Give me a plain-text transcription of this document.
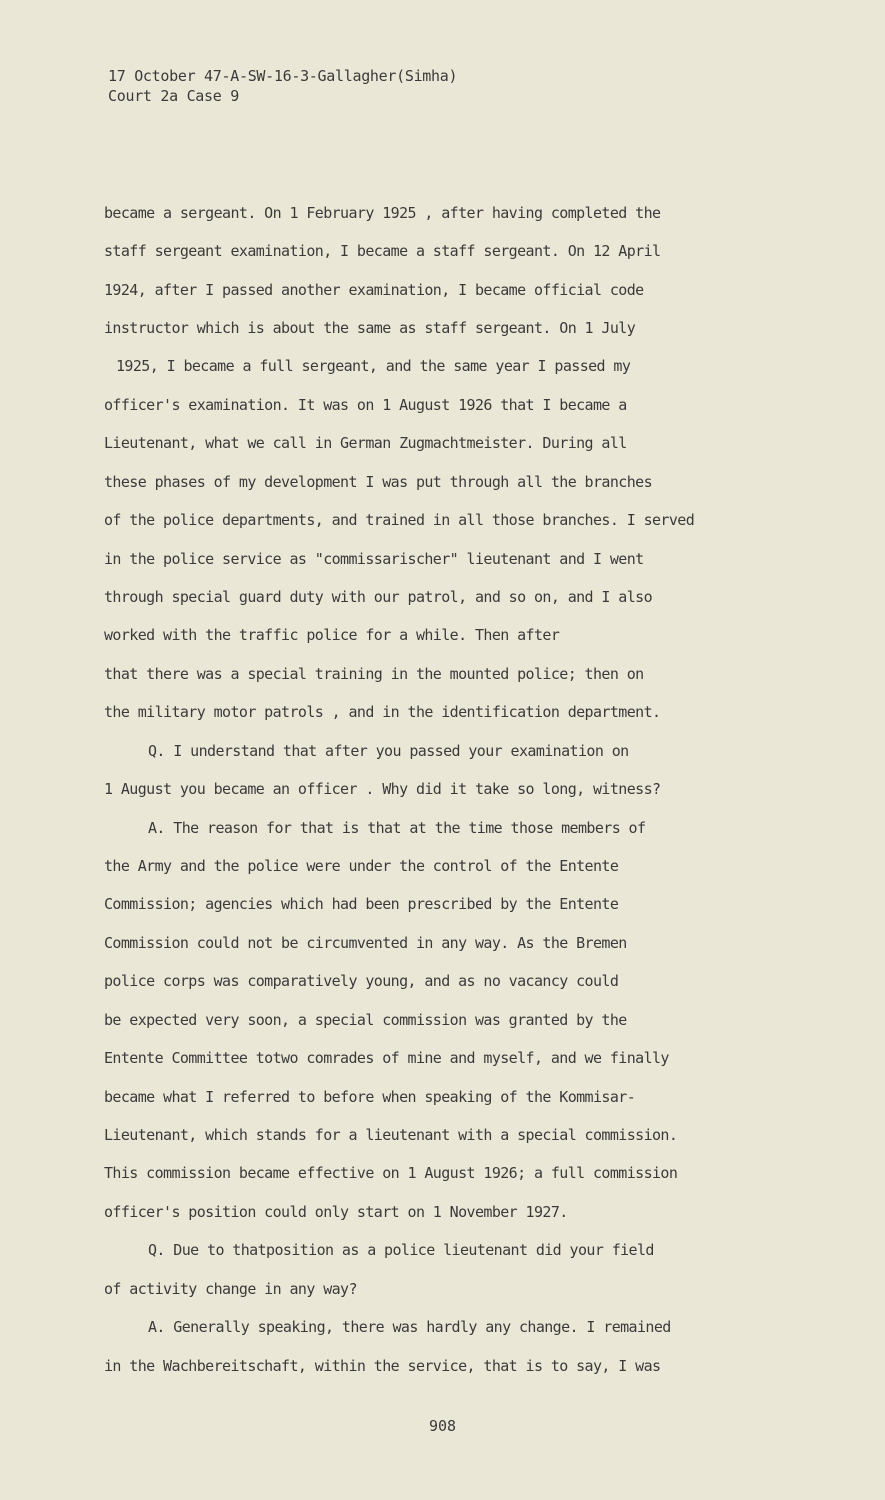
17 October 47-A-SW-16-3-Gallagher(Simha)
Court 2a Case 9
became a sergeant. On 1 February 1925 , after having completed the
staff sergeant examination, I became a staff sergeant. On 12 April
1924, after I passed another examination, I became official code
instructor which is about the same as staff sergeant. On 1 July
1925, I became a full sergeant, and the same year I passed my
officer's examination. It was on 1 August 1926 that I became a
Lieutenant, what we call in German Zugmachtmeister. During all
these phases of my development I was put through all the branches
of the police departments, and trained in all those branches. I served
in the police service as "commissarischer" lieutenant and I went
through special guard duty with our patrol, and so on, and I also
worked with the traffic police for a while. Then after
that there was a special training in the mounted police; then on
the military motor patrols , and in the identification department.
Q. I understand that after you passed your examination on
1 August you became an officer . Why did it take so long, witness?
A. The reason for that is that at the time those members of
the Army and the police were under the control of the Entente
Commission; agencies which had been prescribed by the Entente
Commission could not be circumvented in any way. As the Bremen
police corps was comparatively young, and as no vacancy could
be expected very soon, a special commission was granted by the
Entente Committee totwo comrades of mine and myself, and we finally
became what I referred to before when speaking of the Kommisar-
Lieutenant, which stands for a lieutenant with a special commission.
This commission became effective on 1 August 1926; a full commission
officer's position could only start on 1 November 1927.
Q. Due to thatposition as a police lieutenant did your field
of activity change in any way?
A. Generally speaking, there was hardly any change. I remained
in the Wachbereitschaft, within the service, that is to say, I was
908
